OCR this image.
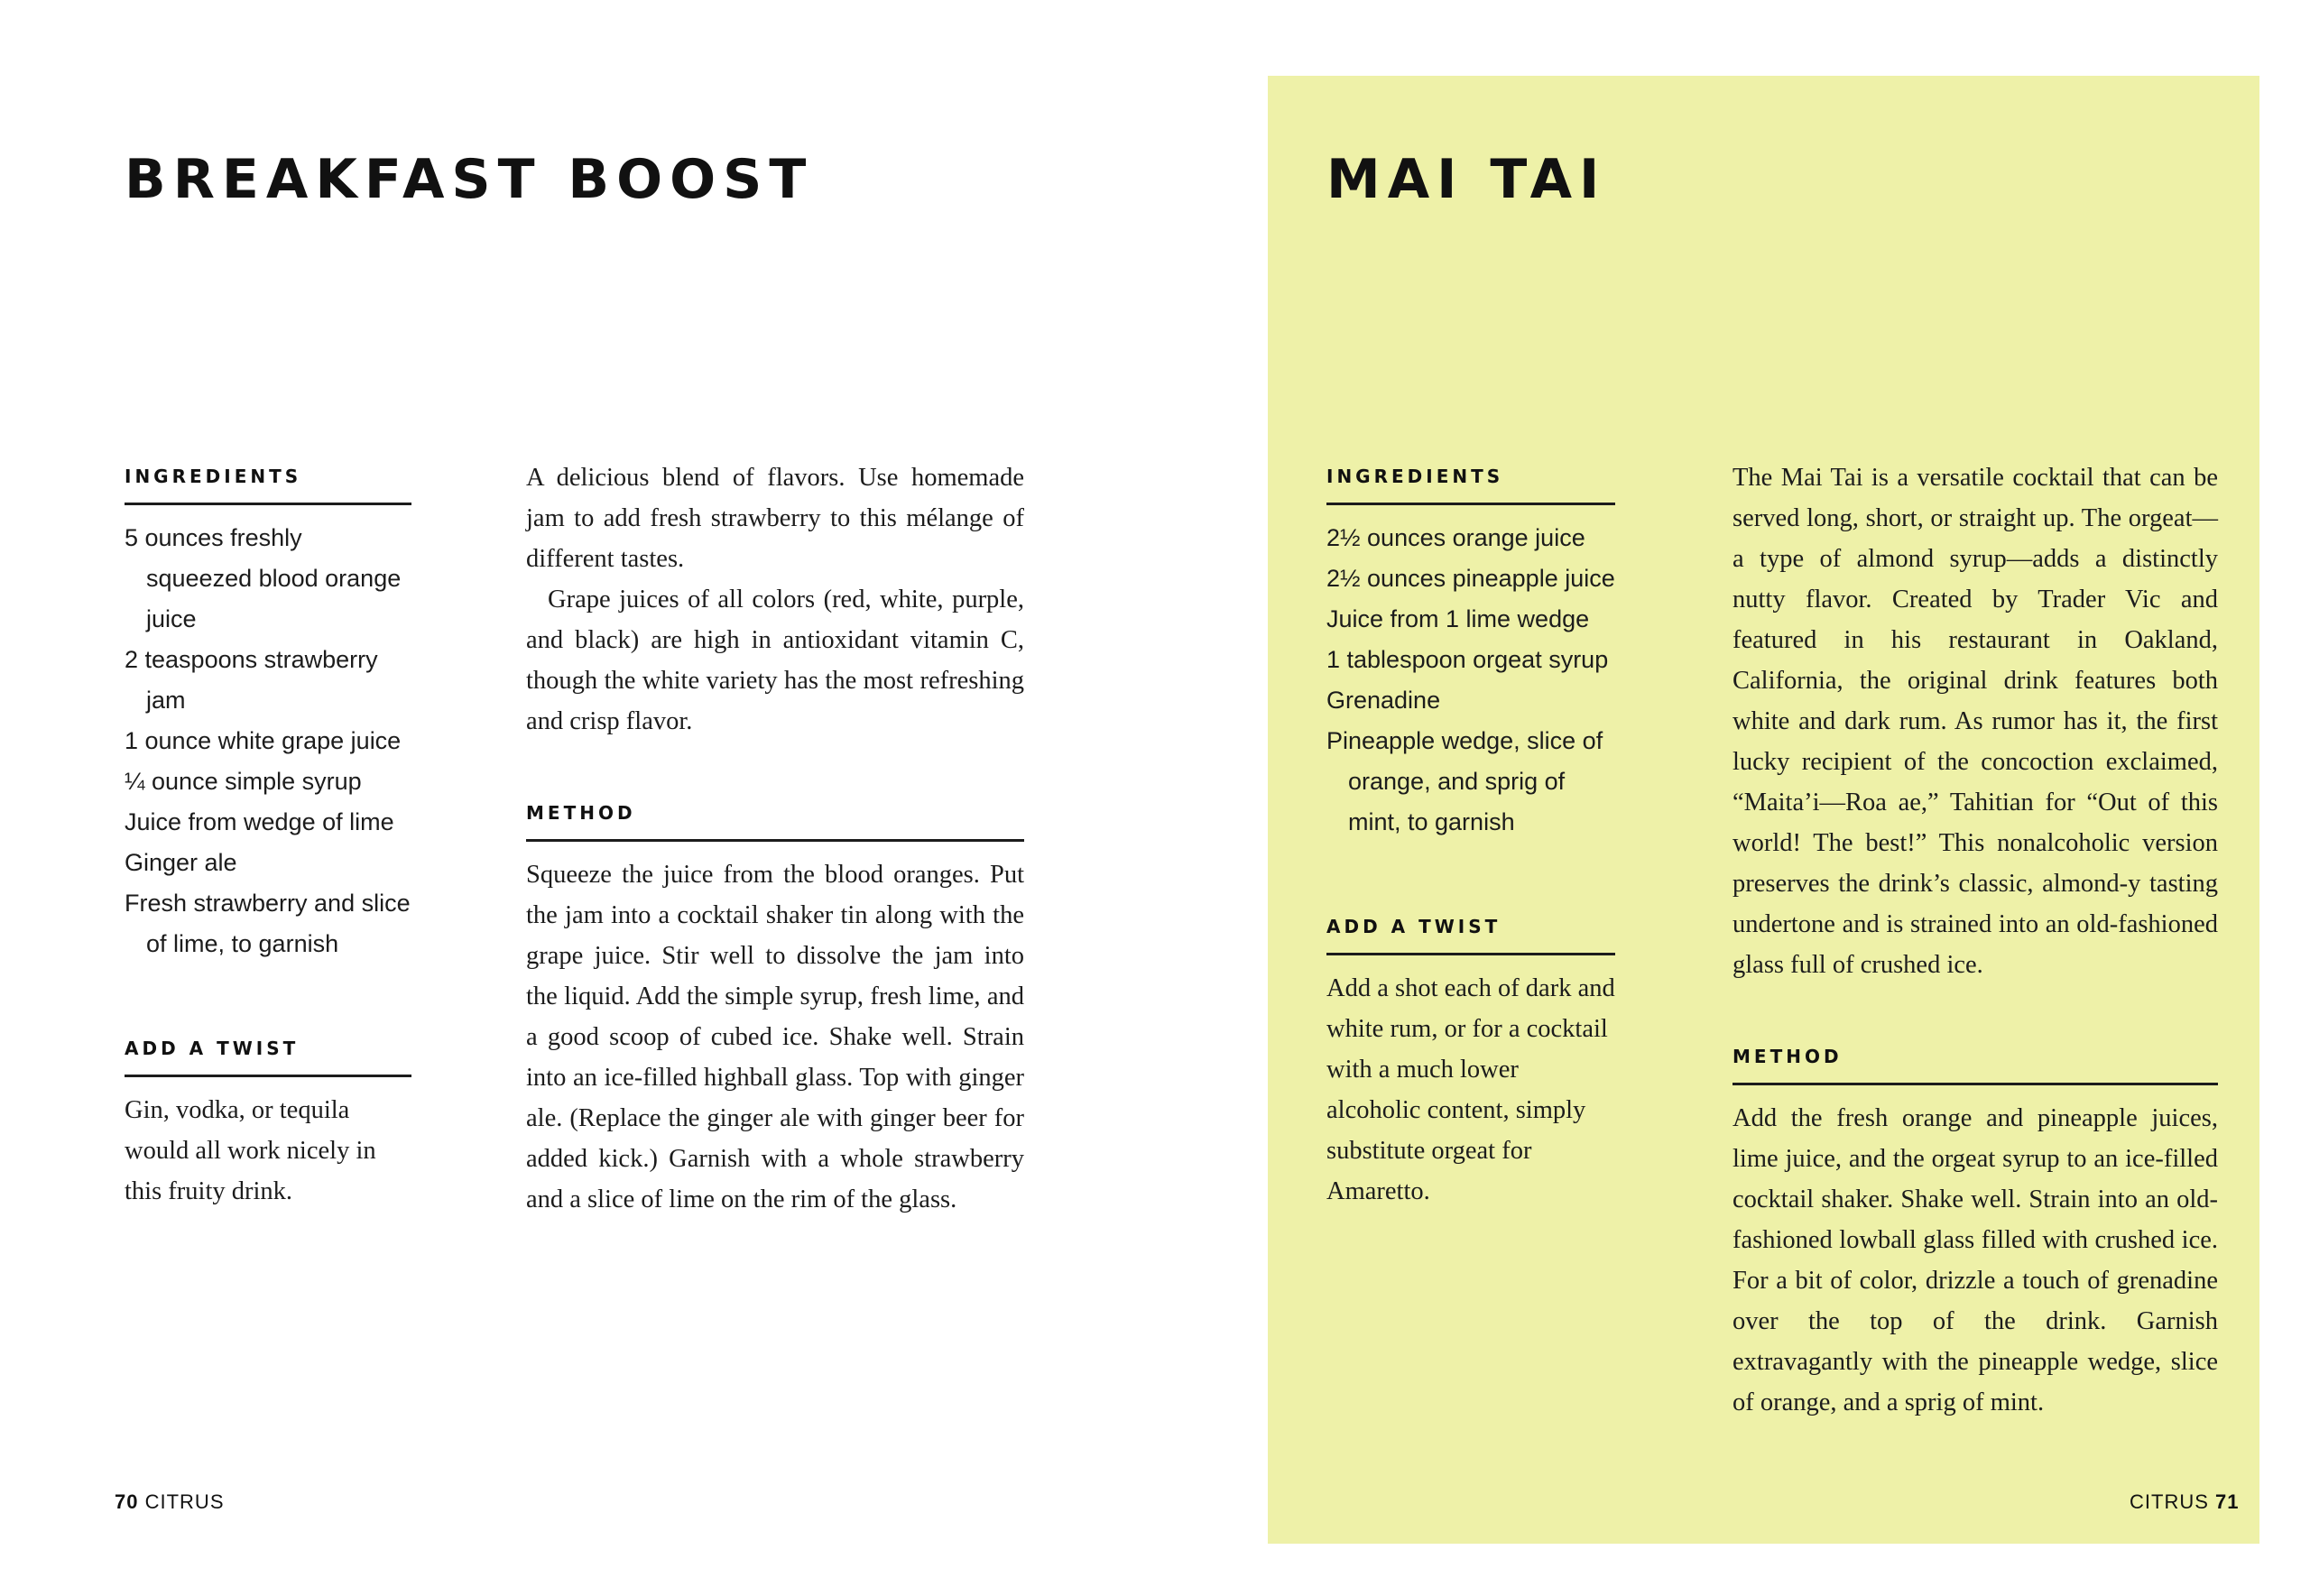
BREAKFAST BOOST
INGREDIENTS
5 ounces freshly squeezed blood orange juice
2 teaspoons strawberry jam
1 ounce white grape juice
¼ ounce simple syrup
Juice from wedge of lime
Ginger ale
Fresh strawberry and slice of lime, to garnish
ADD A TWIST

Gin, vodka, or tequila would all work nicely in this fruity drink.

A delicious blend of flavors. Use homemade jam to add fresh strawberry to this mélange of different tastes.

Grape juices of all colors (red, white, purple, and black) are high in antioxidant vitamin C, though the white variety has the most refreshing and crisp flavor.

METHOD

Squeeze the juice from the blood oranges. Put the jam into a cocktail shaker tin along with the grape juice. Stir well to dissolve the jam into the liquid. Add the simple syrup, fresh lime, and a good scoop of cubed ice. Shake well. Strain into an ice-filled highball glass. Top with ginger ale. (Replace the ginger ale with ginger beer for added kick.) Garnish with a whole strawberry and a slice of lime on the rim of the glass.

70 CITRUS
MAI TAI
INGREDIENTS
2½ ounces orange juice
2½ ounces pineapple juice
Juice from 1 lime wedge
1 tablespoon orgeat syrup
Grenadine
Pineapple wedge, slice of orange, and sprig of mint, to garnish
ADD A TWIST

Add a shot each of dark and white rum, or for a cocktail with a much lower alcoholic content, simply substitute orgeat for Amaretto.

The Mai Tai is a versatile cocktail that can be served long, short, or straight up. The orgeat—a type of almond syrup—adds a distinctly nutty flavor. Created by Trader Vic and featured in his restaurant in Oakland, California, the original drink features both white and dark rum. As rumor has it, the first lucky recipient of the concoction exclaimed, “Maita’i—Roa ae,” Tahitian for “Out of this world! The best!” This nonalcoholic version preserves the drink’s classic, almond-y tasting undertone and is strained into an old-fashioned glass full of crushed ice.

METHOD

Add the fresh orange and pineapple juices, lime juice, and the orgeat syrup to an ice-filled cocktail shaker. Shake well. Strain into an old-fashioned lowball glass filled with crushed ice. For a bit of color, drizzle a touch of grenadine over the top of the drink. Garnish extravagantly with the pineapple wedge, slice of orange, and a sprig of mint.

CITRUS 71
